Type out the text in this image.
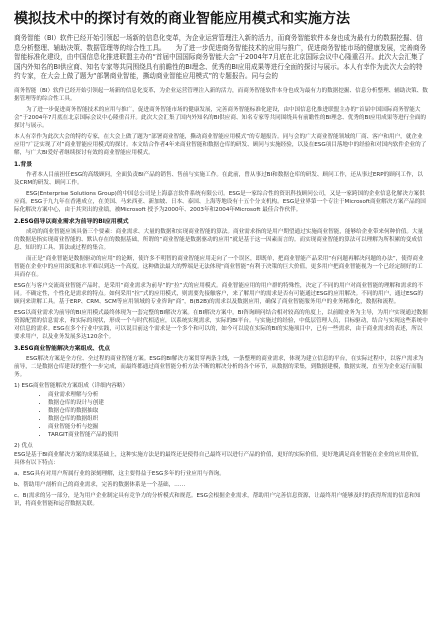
模拟技术中的探讨有效的商业智能应用模式和实施方法

商务智能（BI）软件已经开始引领起一场新的信息化变革，为企业运营管理注入新的活力，而商务智能软件本身也成为最有力的数据挖掘、信息分析整理、辅助决策、数据管理等的综合性工具。　　为了进一步促进商务智能技术的应用与推广，促进商务智能市场的健康发展，完善商务智能标准化建设，由中国信息化推进联盟主办的“首届中国国际商务智能大会”于2004年7月底在北京国际会议中心隆重召开。此次大会汇集了国内外知名的BI供应商、知名专家等共同围绕具有前瞻性的BI理念、优秀的BI应用成果等进行全面的探讨与展示。本人有幸作为此次大会的特约专家，在大会上做了题为“部署商业智能，撕动商业智能应用模式”的专题报告。同与会的

商务智能（BI）软件已经开始引领起一场新的信息化变革，为企业运营管理注入新的活力，而商务智能软件本身也成为最有力的数据挖掘、信息分析整理、辅助决策、数据管理等的综合性工具。

为了进一步促进商务智能技术的应用与推广，促进商务智能市场的健康发展，完善商务智能标准化建设，由中国信息化推进联盟主办的“首届中国国际商务智能大会”于2004年7月底在北京国际会议中心隆重召开。此次大会汇集了国内外知名的BI供应商、知名专家等共同围绕具有前瞻性的BI理念、优秀的BI应用成果等进行全面的探讨与展示。

本人有幸作为此次大会的特约专家，在大会上做了题为“部署商业智能，撕动商业智能应用模式”的专题报告。同与会的广大商业智能领域的厂商、客户和用户，就企业应用“广泛实现了对”商业智能应用模式的探讨。本文结合作者4年来商业智能和数据仓库的研发、顾问与实施经验，以及在ESG项目落地中的经验和对国内软件企业的了解，与广大BI爱好者继续探讨有效的商业智能应用模式。

1.背景

作者本人目前担任ESG的高级顾问，全面负责BI产品的销售、售前与实施工作。在此前，曾从事过BI和数据仓库的研发、顾问工作，还从事过ERP的顾问工作，以及CRM的研发、顾问工作。

ESG(Enterprise Solutions Group)的中国总公司是上海嘉言软件系统有限公司。ESG是一家综合性的资讯科技顾问公司，又是一家跨国的企业信息化解决方案供应商。ESG于九九年在香港成立，在美国、马来西亚、新加坡、日本、泰国、上海等地设有十五个分支机构。ESG是业界第一个专注于Microsoft商业解决方案产品的国际化解决方案中心，由于其突出的业绩，被Microsoft 授予为2000年、2003年和2004年Microsoft 最佳合作伙伴。

2.ESG倡导以商业需求为前导的BI应用模式

成功的商业智能应该具备三个要素：商业需求、大量的数据和实现商业智能的算法。商业需求指的是用户期望通过实施商业智能，能够给企业带来何种价值。大量的数据是指实现商业智能的、默认存在的数据基础，所谓的“商业智能是数据驱动的应用”就是基于这一因素而言的。而实现商业智能的算法可以理解为所积累的变成信息、知识的工具、算法或过程的集合。

而正是“商业智能是数据驱动的应用”的论断，使许多不明智的商业智能应用走向了一个误区，即既单，把商业智能产品采用“有问题再解决问题的办法”，使得商业智能在企业中的应用深度和水平难以到达一个高度。这种做法最大的弊端是无法体现“商业智能”有利于决策的巨大价值，更多用户把商业智能视为一个已经定制好的工具而存在。

ESG在与客户交流商业智能产品时，是采用“商业需求为前导”的“拉”式的应用模式。商业智能应用的用户群的特殊性，决定了不同的用户对商业智能的理解和需求的不同。不确定性，个性化是需求的特点。如何采用“拉”式的应用模式，则需要先接触客户，来了解用户的需求是否有可能通过ESG的应用解决。不同的用户，通过ESG的顾问来讲解工具。基于ERP、CRM、SCM等应用领域的专业咨询“商”，B(B2B)的需求以及数据应用，确保了商业智能服务用户的业务精准化，数据和流程。

ESG以商业需求为前导的BI应用模式最终体现为一套完整的BI解决方案。在BI解决方案中，BI咨询顾问结合相对较高的角度上，以前瞻业务为主导，为用户实现通过数据资源配置的信息需求，和实际的现状，形成一个与时代相适应，以系统实现需求，实际的BI平台。与实施过的经验，中低层管理人员，目标驱动，结合与实现这些系统中对信息的需求。ESG在多个行业中实践，可以说目前这个需求是一个多个和可以的，如今可以说在实际的BI的实施项目中，已有一些需求，由于商业需求的表述，所以要求用户，以及业务发展多达120余个。

3.ESG商业智能解决方案组成、优点

ESG解决方案是全方位、全过程的商业智能方案。ESG的BI解决方案贯穿两条主线，一条整理的商业需求，体现为建立信息的平台，在实际过程中，以客户需求为前导，二是数据仓库建设的整个一步完成，而最终都通过商业智能分析方法不断的解决分析的各个环节，从数据的采集，到数据建模，数据实现，直至为企业运行而服务。

1) ESG商业智能解决方案组成（详细内容略）
• 商业需求理解与分析
• 数据仓库的设计与创建
• 数据仓库的数据抽取
• 数据仓库的数据组织
• 商业智能分析与挖掘
• TARGIT商业智能产品的使用
2) 优点

ESG是基于BI商业解决方案的成果基础上，这种实施方法是的最终还是使得自己最终可以进行产品的价值，更好的实际价值，更好地满足商业智能在企业的应用价值，具体有以下特点：

a、ESG具有对用户所属行业的深刻理解，这主要得益于ESG多年的行业应用与咨询。

b、帮助用户剖析自己的商业需求，完善的数据体系是一个基础，……

c、B(需求的另一部分，是为用户企业制定具有竞争力的分析模式和规范。ESG会根据企业需求，帮助用户完善信息资源，让最终用户能够及时的获得所需的信息和知识，将商业智能和运营数据关联。
